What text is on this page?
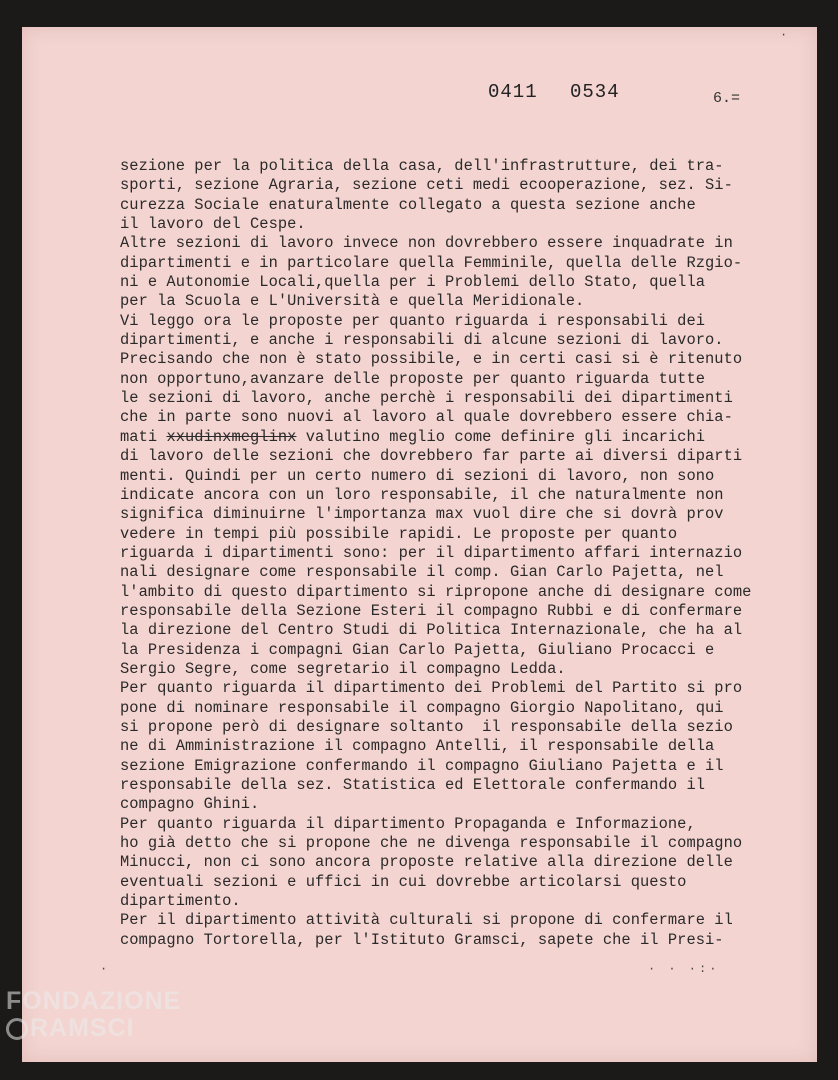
0411 0534	6.=
sezione per la politica della casa, dell'infrastrutture, dei tra-
sporti, sezione Agraria, sezione ceti medi ecooperazione, sez. Si-
curezza Sociale enaturalmente collegato a questa sezione anche
il lavoro del Cespe.
Altre sezioni di lavoro invece non dovrebbero essere inquadrate in
dipartimenti e in particolare quella Femminile, quella delle Rzgio-
ni e Autonomie Locali,quella per i Problemi dello Stato, quella
per la Scuola e L'Università e quella Meridionale.
Vi leggo ora le proposte per quanto riguarda i responsabili dei
dipartimenti, e anche i responsabili di alcune sezioni di lavoro.
Precisando che non è stato possibile, e in certi casi si è ritenuto
non opportuno,avanzare delle proposte per quanto riguarda tutte
le sezioni di lavoro, anche perchè i responsabili dei dipartimenti
che in parte sono nuovi al lavoro al quale dovrebbero essere chia-
mati xxudinxmeglinx valutino meglio come definire gli incarichi
di lavoro delle sezioni che dovrebbero far parte ai diversi diparti
menti. Quindi per un certo numero di sezioni di lavoro, non sono
indicate ancora con un loro responsabile, il che naturalmente non
significa diminuirne l'importanza max vuol dire che si dovrà prov
vedere in tempi più possibile rapidi. Le proposte per quanto
riguarda i dipartimenti sono: per il dipartimento affari internazio
nali designare come responsabile il comp. Gian Carlo Pajetta, nel
l'ambito di questo dipartimento si ripropone anche di designare come
responsabile della Sezione Esteri il compagno Rubbi e di confermare
la direzione del Centro Studi di Politica Internazionale, che ha al
la Presidenza i compagni Gian Carlo Pajetta, Giuliano Procacci e
Sergio Segre, come segretario il compagno Ledda.
Per quanto riguarda il dipartimento dei Problemi del Partito si pro
pone di nominare responsabile il compagno Giorgio Napolitano, qui
si propone però di designare soltanto  il responsabile della sezio
ne di Amministrazione il compagno Antelli, il responsabile della
sezione Emigrazione confermando il compagno Giuliano Pajetta e il
responsabile della sez. Statistica ed Elettorale confermando il
compagno Ghini.
Per quanto riguarda il dipartimento Propaganda e Informazione,
ho già detto che si propone che ne divenga responsabile il compagno
Minucci, non ci sono ancora proposte relative alla direzione delle
eventuali sezioni e uffici in cui dovrebbe articolarsi questo
dipartimento.
Per il dipartimento attività culturali si propone di confermare il
compagno Tortorella, per l'Istituto Gramsci, sapete che il Presi-
·
·	· · ·:·
FONDAZIONE
RAMSCI
